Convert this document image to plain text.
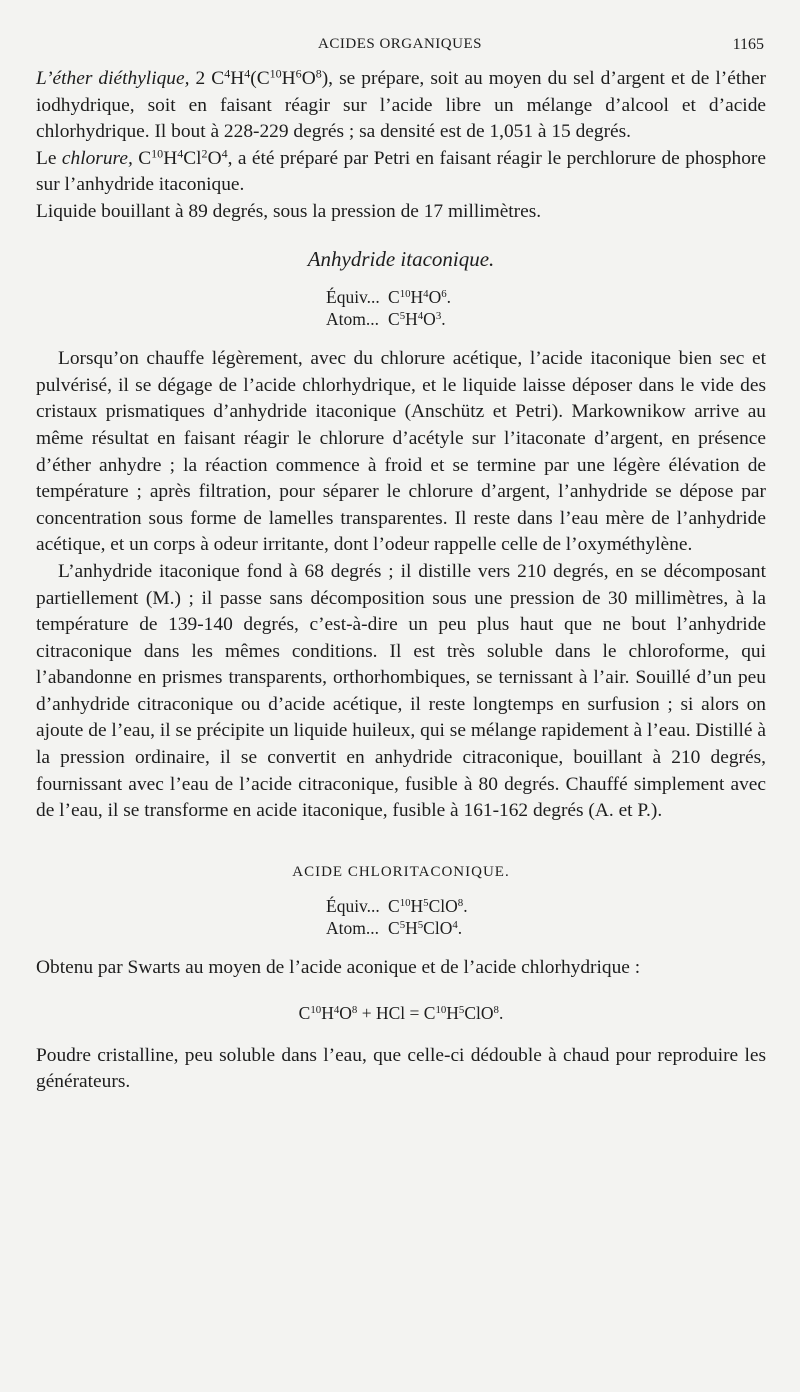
ACIDES ORGANIQUES	1165

L’éther diéthylique, 2 $C^4H^4(C^{10}H^6O^8)$, se prépare, soit au moyen du sel d’argent et de l’éther iodhydrique, soit en faisant réagir sur l’acide libre un mélange d’alcool et d’acide chlorhydrique. Il bout à 228-229 degrés ; sa densité est de 1,051 à 15 degrés.

Le chlorure, $C^{10}H^4Cl^2O^4$, a été préparé par Petri en faisant réagir le perchlorure de phosphore sur l’anhydride itaconique.

Liquide bouillant à 89 degrés, sous la pression de 17 millimètres.

Anhydride itaconique.
Équiv... $C^{10}H^4O^6$.
Atom... $C^5H^4O^3$.

Lorsqu’on chauffe légèrement, avec du chlorure acétique, l’acide itaconique bien sec et pulvérisé, il se dégage de l’acide chlorhydrique, et le liquide laisse déposer dans le vide des cristaux prismatiques d’anhydride itaconique (Anschütz et Petri). Markownikow arrive au même résultat en faisant réagir le chlorure d’acétyle sur l’itaconate d’argent, en présence d’éther anhydre ; la réaction commence à froid et se termine par une légère élévation de température ; après filtration, pour séparer le chlorure d’argent, l’anhydride se dépose par concentration sous forme de lamelles transparentes. Il reste dans l’eau mère de l’anhydride acétique, et un corps à odeur irritante, dont l’odeur rappelle celle de l’oxyméthylène.

L’anhydride itaconique fond à 68 degrés ; il distille vers 210 degrés, en se décomposant partiellement (M.) ; il passe sans décomposition sous une pression de 30 millimètres, à la température de 139-140 degrés, c’est-à-dire un peu plus haut que ne bout l’anhydride citraconique dans les mêmes conditions. Il est très soluble dans le chloroforme, qui l’abandonne en prismes transparents, orthorhombiques, se ternissant à l’air. Souillé d’un peu d’anhydride citraconique ou d’acide acétique, il reste longtemps en surfusion ; si alors on ajoute de l’eau, il se précipite un liquide huileux, qui se mélange rapidement à l’eau. Distillé à la pression ordinaire, il se convertit en anhydride citraconique, bouillant à 210 degrés, fournissant avec l’eau de l’acide citraconique, fusible à 80 degrés. Chauffé simplement avec de l’eau, il se transforme en acide itaconique, fusible à 161-162 degrés (A. et P.).

ACIDE CHLORITACONIQUE.
Équiv... $C^{10}H^5ClO^8$.
Atom... $C^5H^5ClO^4$.

Obtenu par Swarts au moyen de l’acide aconique et de l’acide chlorhydrique :

$C^{10}H^4O^8$ + HCl = $C^{10}H^5ClO^8$.

Poudre cristalline, peu soluble dans l’eau, que celle-ci dédouble à chaud pour reproduire les générateurs.
